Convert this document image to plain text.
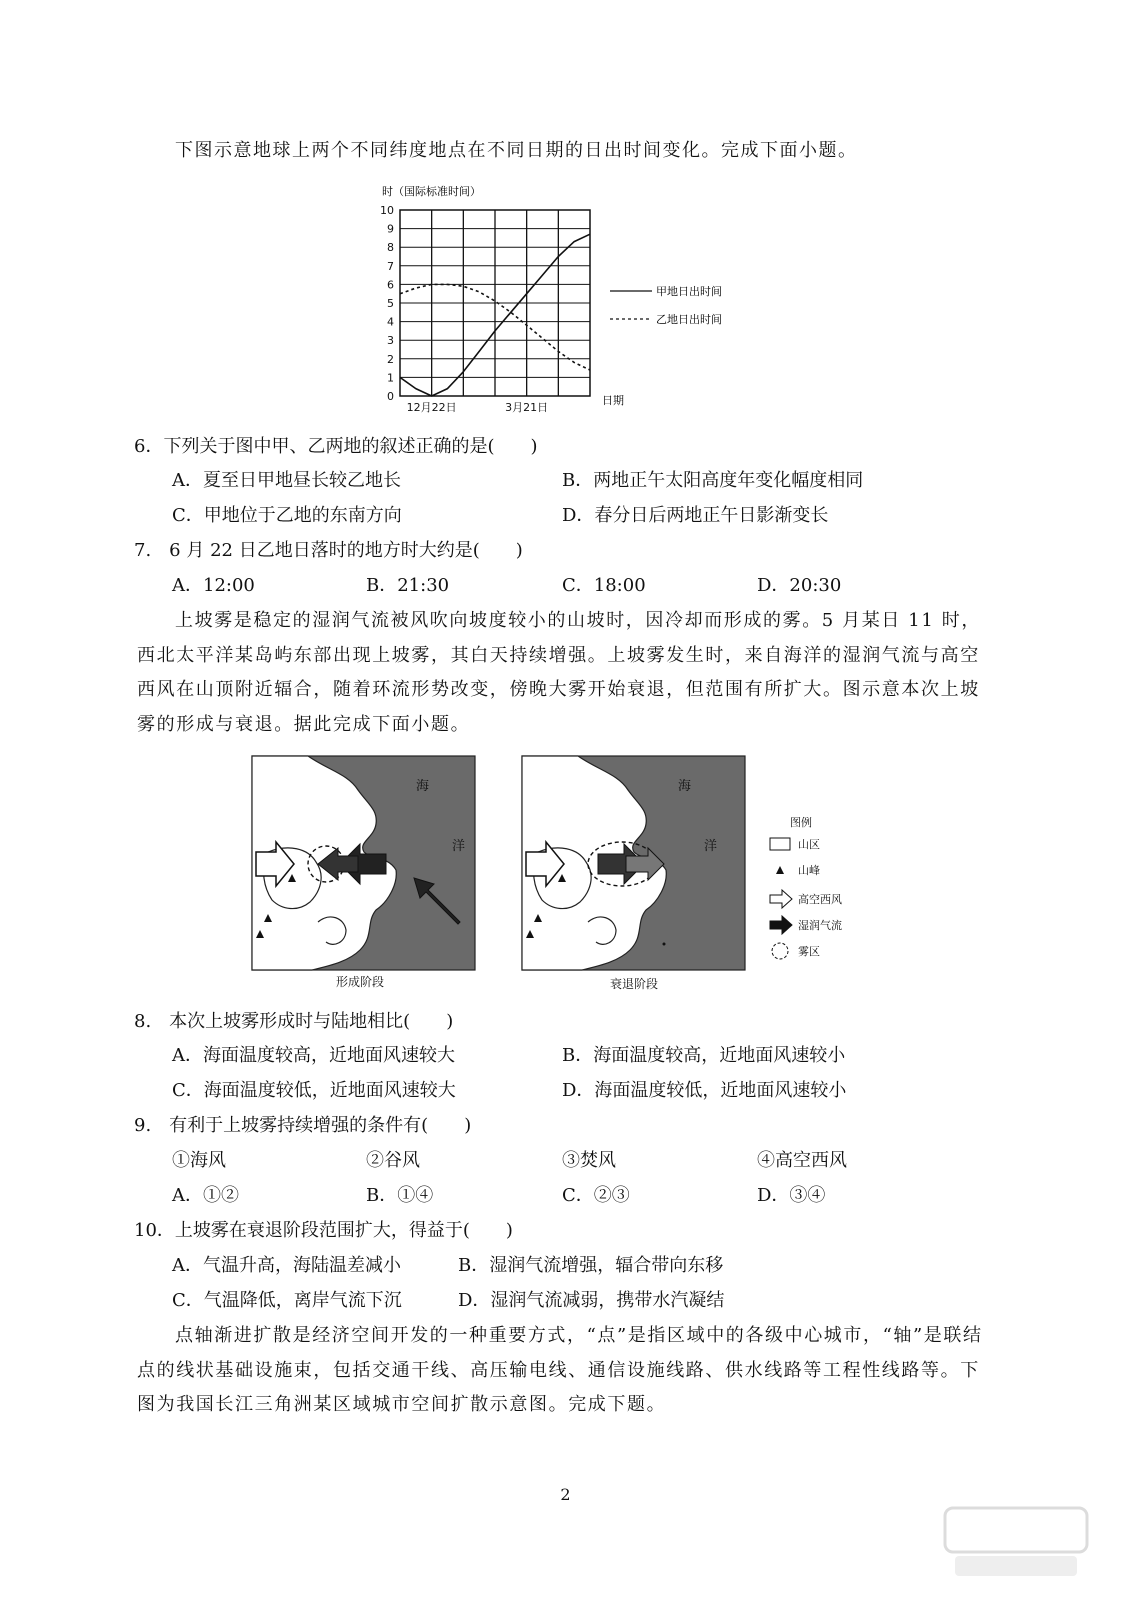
下图示意地球上两个不同纬度地点在不同日期的日出时间变化。完成下面小题。
时（国际标准时间）
0
1
2
3
4
5
6
7
8
9
10
12月22日	3月21日
日期
甲地日出时间
乙地日出时间
6．下列关于图中甲、乙两地的叙述正确的是(　　)
A．夏至日甲地昼长较乙地长	B．两地正午太阳高度年变化幅度相同
C．甲地位于乙地的东南方向	D．春分日后两地正午日影渐变长
7.　6 月 22 日乙地日落时的地方时大约是(　　)
A．12:00	B．21:30	C．18:00	D．20:30
上坡雾是稳定的湿润气流被风吹向坡度较小的山坡时，因冷却而形成的雾。5 月某日 11 时，西北太平洋某岛屿东部出现上坡雾，其白天持续增强。上坡雾发生时，来自海洋的湿润气流与高空西风在山顶附近辐合，随着环流形势改变，傍晚大雾开始衰退，但范围有所扩大。图示意本次上坡雾的形成与衰退。据此完成下面小题。
海
洋
形成阶段
海
洋
衰退阶段
图例
山区
山峰
高空西风
湿润气流
雾区
8.　本次上坡雾形成时与陆地相比(　　)
A．海面温度较高，近地面风速较大	B．海面温度较高，近地面风速较小
C．海面温度较低，近地面风速较大	D．海面温度较低，近地面风速较小
9.　有利于上坡雾持续增强的条件有(　　)
①海风	②谷风	③焚风	④高空西风
A．①②	B．①④	C．②③	D．③④
10．上坡雾在衰退阶段范围扩大，得益于(　　)
A．气温升高，海陆温差减小	B．湿润气流增强，辐合带向东移
C．气温降低，离岸气流下沉	D．湿润气流减弱，携带水汽凝结
点轴渐进扩散是经济空间开发的一种重要方式，“点”是指区域中的各级中心城市，“轴”是联结点的线状基础设施束，包括交通干线、高压输电线、通信设施线路、供水线路等工程性线路等。下图为我国长江三角洲某区域城市空间扩散示意图。完成下题。
2
